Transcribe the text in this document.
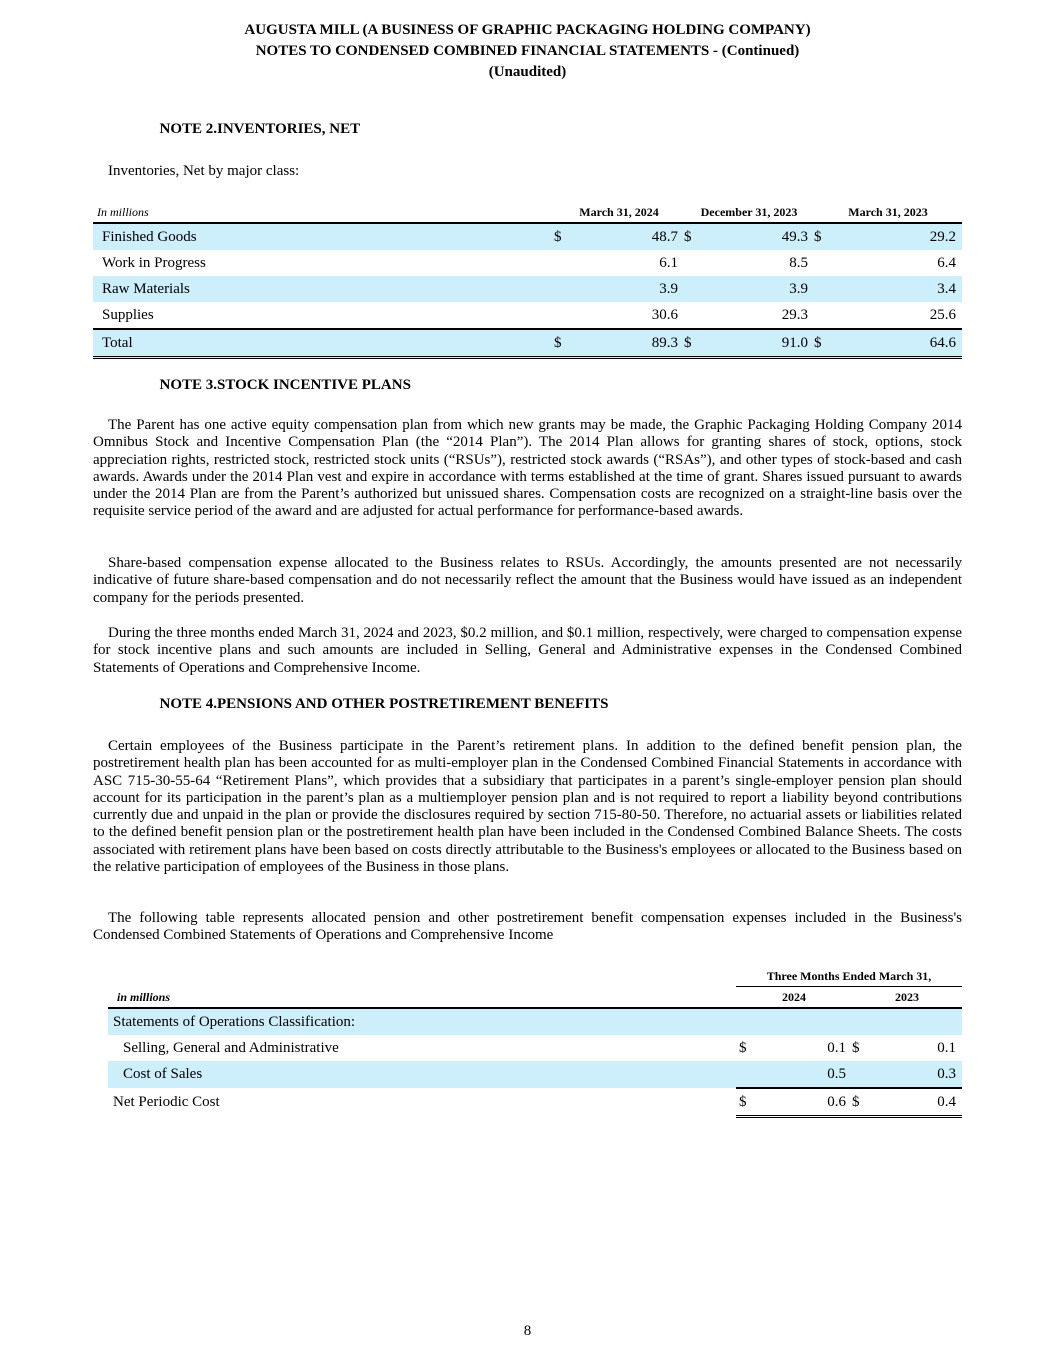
AUGUSTA MILL (A BUSINESS OF GRAPHIC PACKAGING HOLDING COMPANY)
NOTES TO CONDENSED COMBINED FINANCIAL STATEMENTS - (Continued)
(Unaudited)
NOTE 2.INVENTORIES, NET
Inventories, Net by major class:
In millions	March 31, 2024		December 31, 2023		March 31, 2023	
Finished Goods	$	48.7	$	49.3	$	29.2
Work in Progress		6.1		8.5		6.4
Raw Materials		3.9		3.9		3.4
Supplies		30.6		29.3		25.6
Total	$	89.3	$	91.0	$	64.6
NOTE 3.STOCK INCENTIVE PLANS

The Parent has one active equity compensation plan from which new grants may be made, the Graphic Packaging Holding Company 2014 Omnibus Stock and Incentive Compensation Plan (the “2014 Plan”). The 2014 Plan allows for granting shares of stock, options, stock appreciation rights, restricted stock, restricted stock units (“RSUs”), restricted stock awards (“RSAs”), and other types of stock-based and cash awards. Awards under the 2014 Plan vest and expire in accordance with terms established at the time of grant. Shares issued pursuant to awards under the 2014 Plan are from the Parent’s authorized but unissued shares. Compensation costs are recognized on a straight-line basis over the requisite service period of the award and are adjusted for actual performance for performance-based awards.

Share-based compensation expense allocated to the Business relates to RSUs. Accordingly, the amounts presented are not necessarily indicative of future share-based compensation and do not necessarily reflect the amount that the Business would have issued as an independent company for the periods presented.

During the three months ended March 31, 2024 and 2023, $0.2 million, and $0.1 million, respectively, were charged to compensation expense for stock incentive plans and such amounts are included in Selling, General and Administrative expenses in the Condensed Combined Statements of Operations and Comprehensive Income.

NOTE 4.PENSIONS AND OTHER POSTRETIREMENT BENEFITS

Certain employees of the Business participate in the Parent’s retirement plans. In addition to the defined benefit pension plan, the postretirement health plan has been accounted for as multi-employer plan in the Condensed Combined Financial Statements in accordance with ASC 715-30-55-64 “Retirement Plans”, which provides that a subsidiary that participates in a parent’s single-employer pension plan should account for its participation in the parent’s plan as a multiemployer pension plan and is not required to report a liability beyond contributions currently due and unpaid in the plan or provide the disclosures required by section 715-80-50. Therefore, no actuarial assets or liabilities related to the defined benefit pension plan or the postretirement health plan have been included in the Condensed Combined Balance Sheets. The costs associated with retirement plans have been based on costs directly attributable to the Business's employees or allocated to the Business based on the relative participation of employees of the Business in those plans.

The following table represents allocated pension and other postretirement benefit compensation expenses included in the Business's Condensed Combined Statements of Operations and Comprehensive Income

	Three Months Ended March 31,			
in millions	2024		2023	
Statements of Operations Classification:				
Selling, General and Administrative	$	0.1	$	0.1
Cost of Sales		0.5		0.3
Net Periodic Cost	$	0.6	$	0.4
8
